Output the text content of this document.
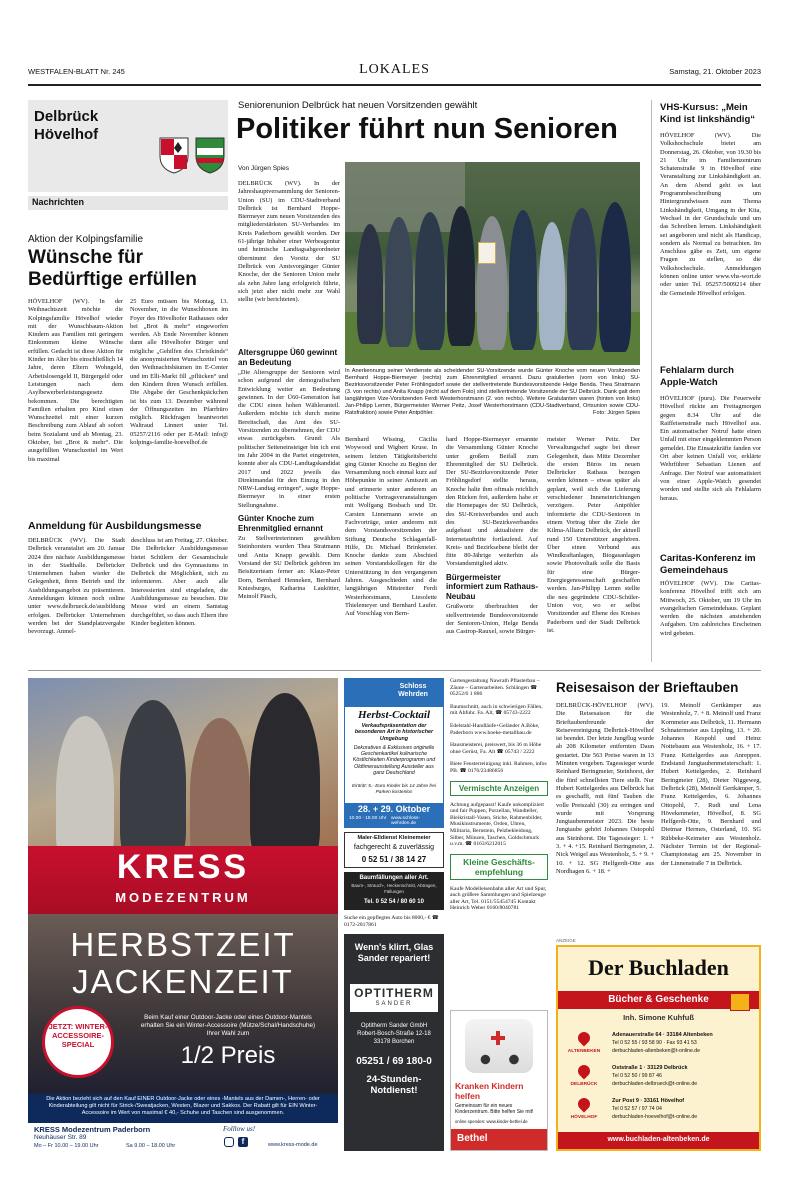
WESTFALEN-BLATT Nr. 245	LOKALES	Samstag, 21. Oktober 2023
Delbrück
Hövelhof
Nachrichten
Aktion der Kolpingsfamilie
Wünsche für Bedürftige erfüllen
HÖVELHOF (WV). In der Weihnachtszeit möchte die Kolpingsfamilie Hövelhof wieder mit der Wunschbaum-Aktion Kindern aus Familien mit geringem Einkommen kleine Wünsche erfüllen. Gedacht ist diese Aktion für Kinder im Alter bis einschließlich 14 Jahre, deren Eltern Wohngeld, Arbeitslosengeld II, Bürgergeld oder Leistungen nach dem Asylbewerberleistungsgesetz bekommen. Die berechtigten Familien erhalten pro Kind einen Wunschzettel mit einer kurzen Beschreibung zum Ablauf ab sofort beim Sozialamt und ab Montag, 23. Oktober, bei „Brot & mehr“. Die ausgefüllten Wunschzettel im Wert bis maximal
25 Euro müssen bis Montag, 13. November, in die Wunschboxen im Foyer des Hövelhofer Rathauses oder bei „Brot & mehr“ eingeworfen werden. Ab Ende November können dann alle Hövelhofer Bürger und mögliche „Gehilfen des Christkinds“ die anonymisierten Wunschzettel von den Weihnachtsbäumen im E-Center und im Elli-Markt fill „pflücken“ und den Kindern ihren Wunsch erfüllen. Die Abgabe der Geschenkpäckchen ist bis zum 13. Dezember während der Öffnungszeiten im Pfarrbüro möglich. Rückfragen beantwortet Waltraud Linnert unter Tel. 05257/2116 oder per E-Mail: info@ kolpings-familie-hoevelhof.de
Anmeldung für Ausbildungsmesse
DELBRÜCK (WV). Die Stadt Delbrück veranstaltet am 20. Januar 2024 ihre nächste Ausbildungsmesse in der Stadthalle. Delbrücker Unternehmen haben wieder die Gelegenheit, ihren Betrieb und ihr Ausbildungsangebot zu präsentieren. Anmeldungen können noch online unter www.delbrueck.de/ausbildung erfolgen. Delbrücker Unternehmen werden bei der Standplatzvergabe bevorzugt. Anmel-
deschluss ist am Freitag, 27. Oktober. Die Delbrücker Ausbildungsmesse bietet Schülern der Gesamtschule Delbrück und des Gymnasiums in Delbrück die Möglichkeit, sich zu informieren. Aber auch alle Interessierten sind eingeladen, die Ausbildungsmesse zu besuchen. Die Messe wird an einem Samstag durchgeführt, so dass auch Eltern ihre Kinder begleiten können.
Seniorenunion Delbrück hat neuen Vorsitzenden gewählt
Politiker führt nun Senioren
Von Jürgen Spies
DELBRÜCK (WV). In der Jahreshauptversammlung der Senioren-Union (SU) im CDU-Stadtverband Delbrück ist Bernhard Hoppe-Biermeyer zum neuen Vorsitzenden des mitgliederstärksten SU-Verbandes im Kreis Paderborn gewählt worden. Der 61-jährige Inhaber einer Werbeagentur und heimische Landtagsabgeordneter übernimmt den Vorsitz der SU Delbrück von Amtsvorgänger Günter Knoche, der die Senioren Union mehr als zehn Jahre lang erfolgreich führte, sich jetzt aber nicht mehr zur Wahl stellte (wir berichteten).
Altersgruppe Ü60 gewinnt an Bedeutung
„Die Altersgruppe der Senioren wird schon aufgrund der demografischen Entwicklung weiter an Bedeutung gewinnen. In der Ü60-Generation hat die CDU einen hohen Wähleranteil. Außerdem möchte ich durch meine Bereitschaft, das Amt des SU-Vorsitzenden zu übernehmen, der CDU etwas zurückgeben. Grund: Als politischer Seiteneinsteiger bin ich erst im Jahr 2004 in die Partei eingetreten, konnte aber als CDU-Landtagskandidat 2017 und 2022 jeweils das Direktmandat für den Einzug in den NRW-Landtag erringen“, sagte Hoppe-Biermeyer in einer ersten Stellungnahme.
Günter Knoche zum Ehrenmitglied ernannt
Zu Stellvertreterinnen gewählten Steinhorsters wurden Thea Stratmann und Anita Knapp gewählt. Dem Vorstand der SU Delbrück gehören im Beisitzerteam ferner an: Klaus-Peter Dorn, Bernhard Henneken, Bernhard Kniesburges, Katharina Laukötter, Meinolf Päsch,
In Anerkennung seiner Verdienste als scheidender SU-Vorsitzende wurde Günter Knoche vom neuen Vorsitzenden Bernhard Hoppe-Biermeyer (rechts) zum Ehrenmitglied ernannt. Dazu gratulierten (vorn von links) SU-Bezirksvorsitzender Peter Fröhlingsdorf sowie der stellvertretende Bundesvorsitzende Helge Benda. Thea Stratmann (3. von rechts) und Anita Knapp (nicht auf dem Foto) sind stellvertretende Vorsitzende der SU Delbrück. Dank galt dem langjährigen Vize-Vorsitzenden Ferdi Westerhorstmann (2. von rechts). Weitere Gratulanten waren (hinten von links) Jan-Philipp Lemm, Bürgermeister Werner Peitz, Josef Westerhorstmann (CDU-Stadtverband, Ortsunion sowie CDU-Ratsfraktion) sowie Peter Antpöhler.	Foto: Jürgen Spies
Bernhard Wissing, Cäcilia Woywood und Wigbert Kruse. In seinem letzten Tätigkeitsbericht ging Günter Knoche zu Beginn der Versammlung noch einmal kurz auf Höhepunkte in seiner Amtszeit an und erinnerte unter anderem an politische Vortragsveranstaltungen mit Wolfgang Bosbach und Dr. Carsten Linnemann sowie an Fachvorträge, unter anderem mit dem Vorstandsvorsitzenden der Stiftung Deutsche Schlaganfall-Hilfe, Dr. Michael Brinkmeier. Knoche dankte zum Abschied seinen Vorstandskollegen für die Unterstützung in den vergangenen Jahren. Ausgeschieden sind die langjährigen Mitstreiter Ferdi Westerhorstmann, Liesolette Thielemeyer und Bernhard Laufer. Auf Vorschlag von Bern-
hard Hoppe-Biermeyer ernannte die Versammlung Günter Knoche unter großem Beifall zum Ehrenmitglied der SU Delbrück. Der SU-Bezirksvorsitzende Peter Fröhlingsdorf stellte heraus, Knoche halte ihm oftmals reichlich den Rücken frei, außerdem habe er die Homepages der SU Delbrück, des SU-Kreisverbandes und auch des SU-Bezirksverbandes aufgebaut und aktualisiere die Internetauftritte fortlaufend. Auf Kreis- und Bezirksebene bleibt der fitte 80-Jährige weiterhin als Vorstandsmitglied aktiv.
Bürgermeister informiert zum Rathaus-Neubau
Grußworte überbrachten der stellvertretende Bundesvorsitzende der Senioren-Union, Helge Benda aus Castrop-Rauxel, sowie Bürger-
meister Werner Peitz. Der Verwaltungschef sagte bei dieser Gelegenheit, dass Mitte Dezember die ersten Büros im neuen Delbrücker Rathaus bezogen werden können – etwas später als geplant, weil sich die Lieferung verschiedener Inneneinrichtungen verzögere. Peter Antpöhler informierte die CDU-Senioren in einem Vortrag über die Ziele der Kilma-Allianz Delbrück, der aktuell rund 150 Unterstützer angehören. Über einen Verbund aus Windkraftanlagen, Biogasanlagen sowie Photovoltaik solle die Basis für eine Bürger-Energiegenossenschaft geschaffen werden. Jan-Philipp Lemm stellte die neu gegründete CDU-Schüler-Union vor, wo er selbst Vorsitzender auf Ebene des Kreises Paderborn und der Stadt Delbrück ist.
VHS-Kursus: „Mein Kind ist linkshändig“
HÖVELHOF (WV). Die Volkshochschule bietet am Donnerstag, 26. Oktober, von 19.30 bis 21 Uhr im Familienzentrum Schatenstraße 9 in Hövelhof eine Veranstaltung zur Linkshändigkeit an. An dem Abend geht es laut Programmbeschreibung um Hintergrundwissen zum Thema Linkshändigkeit, Umgang in der Kita, Wechsel in der Grundschule und um das Schreiben lernen. Linkshändigkeit sei angeboren und nicht als Handicap, sondern als Normal zu betrachten. Im Anschluss gäbe es Zeit, um eigene Fragen zu stellen, so die Volkshochschule. Anmeldungen können online unter www.vhs-wort.de oder unter Tel. 05257/5009214 über die Gemeinde Hövelhof erfolgen.
Fehlalarm durch Apple-Watch
HÖVELHOF (puru). Die Feuerwehr Hövelhof rückte am Freitagmorgen gegen 8.34 Uhr auf die Raiffeisenstraße nach Hövelhof aus. Ein automatischer Notruf hatte einen Unfall mit einer eingeklemmten Person gemeldet. Die Einsatzkräfte fanden vor Ort aber keinen Unfall vor, erklärte Wehrführer Sebastian Lienen auf Anfrage. Der Notruf war automatisiert von einer Apple-Watch gesendet worden und stellte sich als Fehlalarm heraus.
Caritas-Konferenz im Gemeindehaus
HÖVELHOF (WV). Die Caritas-konferenz Hövelhof trifft sich am Mittwoch, 25. Oktober, um 19 Uhr im evangelischen Gemeindehaus. Geplant werden die nächsten anstehenden Aufgaben. Um zahlreiches Erscheinen wird gebeten.
KRESS
MODEZENTRUM
HERBSTZEIT
JACKENZEIT
JETZT: WINTER-ACCESSOIRE-SPECIAL
Beim Kauf einer Outdoor-Jacke oder eines Outdoor-Mantels erhalten Sie ein Winter-Accessoire (Mütze/Schal/Handschuhe) Ihrer Wahl zum
1/2 Preis
Die Aktion bezieht sich auf den Kauf EINER Outdoor-Jacke oder eines -Mantels aus der Damen-, Herren- oder Kinderabteilung gilt nicht für Strick-/Sweatjacken, Westen, Blazer und Sakkos. Der Rabatt gilt für EIN Winter-Accessoire im Wert von maximal € 40,- Schuhe und Taschen sind ausgenommen.
KRESS Modezentrum Paderborn
Neuhäuser Str. 89
Mo – Fr 10.00 – 19.00 Uhr	Sa 9.00 – 18.00 Uhr
Folllow us!
f	www.kress-mode.de
Schloss Wehrden
Herbst-Cocktail
Verkaufspräsentation der besonderen Art in historischer Umgebung
Dekoratives & Exklusives originelle Geschenkartikel kulinarische Köstlichkeiten Kinderprogramm und Oldtimerausstellung Aussteller aus ganz Deutschland
Eintritt: 5,- Euro Kinder bis 14 Jahre frei Parken kostenlos
28. + 29. Oktober
10.00 - 18.00 Uhr www.schloss-wehrden.de
Maler-Elldienst Kleinemeier
fachgerecht & zuverlässig
0 52 51 / 38 14 27
Baumfällungen aller Art.
Baum-, Strauch-, Heckenschnitt, Abtragen, Fällungen
Tel. 0 52 54 / 80 60 10
Suche ein gepflegtes Auto bis 8000,- € ☎ 0172-2817861
Wenn's klirrt, Glas Sander repariert!
OPTITHERM
SANDER
Optitherm Sander GmbH Robert-Bosch-Straße 12-18 33178 Borchen
05251 / 69 180-0
24-Stunden-Notdienst!
Gartengestaltung Nawrath Pflasterbau – Zäune – Gartenarbeiten. Schlängen ☎ 05252/6 1 886
Baumschnitt, auch in schwierigen Fällen, mit Abfuhr. Fa. Alt, ☎ 05743-2222
Edelstahl-Handläufe+Geländer A.Böke, Paderborn www.boeke-metallbau.de
Hausmeisterei, preiswert, bis 36 m Höhe ohne Gerüst, Fa. Alt ☎ 05743 / 2222
Biete Fensterreinigung inkl. Rahmen, infos PB. ☎ 0176/23486856
Vermischte Anzeigen
Achtung aufgepasst! Kaufe unkompliziert und fair Puppen, Porzellan, Wandteller, Bleikristall-Vasen, Stiche, Rahmenbilder, Musikinstrumente, Orden, Uhren, Militaria, Bernstein, Pelzbekleidung, Silber, Münzen, Taschen, Goldschmuck u.v.m. ☎ 0163/6212015
Kleine Geschäfts-empfehlung
Kaufe Modelleisenbahn aller Art und Spur, auch größere Sammlungen und Spielzeuge aller Art, Tel. 0151/55454745 Kontakt Heinrich Weber 0160/8040781
Kranken Kindern helfen
Gemeinsam für ein neues Kinderzentrum. Bitte helfen Sie mit!
online spenden: www.kinder-bethel.de
Bethel
Reisesaison der Brieftauben
DELBRÜCK-HÖVELHOF (WV). Die Reisesaison für die Brieftaubenfreunde der Reisevereinigung Delbrück-Hövelhof ist beendet. Der letzte Jungflug wurde ab 208 Kilometer entfernten Daun gestartet. Die 563 Preise waren in 13 Minuten vergeben. Tagessieger wurde Reinhard Beringmeier, Steinhorst, der die fünf schnellsten Tiere stellt. Nur Hubert Kettelgerdes aus Delbrück hat es geschafft, mit fünf Tauben die volle Preiszahl (30) zu erringen und wurde mit Vorsprung Jungtaubenmeister 2023. Die beste Jungtaube gehört Johannes Ostopohl aus Steinhorst. Die Tagessieger: 1. + 3. + 4. +15. Reinhard Beringmeier, 2. Nick Weigel aus Westenholz, 5. + 9. + 10. + 12. SG Helfgerdt-Otte aus Nordhagen 6. + 18. +
19. Meinolf Gertkämper aus Westenholz, 7. + 8. Meinolf und Franz Kornmeier aus Delbrück, 11. Hermann Schnatermeier aus Lippling, 13. + 20. Johannes Kespohl und Heinz Nottebaum aus Westenholz, 16. + 17. Franz Kettelgerdes aus Anreppen. Endstand Jungtaubenmeisterschaft: 1. Hubert Kettelgerdes, 2. Reinhard Beringmeier (28), Dieter Niggeweg, Delbrück (28), Meinolf Gertkämper, 5. Franz Kettelgerdes, 6. Johannes Ottopohl, 7. Rudi und Lena Hövekenmeier, Hövelhof, 8. SG Helfgerdt-Otte, 9. Bernhard und Dietmar Hermes, Osterland, 10. SG Rübbeke-Keimeier aus Westenholz. Nächster Termin ist der Regional-Championstag am 25. November in der Linnenstraße 7 in Delbrück.
ANZEIGE
Der Buchladen
Bücher & Geschenke
Inh. Simone Kuhfuß
ALTENBEKEN
Adenauerstraße 64 · 33184 Altenbeken
Tel 0 52 55 / 93 58 90 · Fax 93 41 53
derbuchladen-altenbeken@t-online.de
DELBRÜCK
Oststraße 1 · 33129 Delbrück
Tel 0 52 50 / 99 87 46
derbuchladen-delbrueck@t-online.de
HÖVELHOF
Zur Post 9 · 33161 Hövelhof
Tel 0 52 57 / 97 74 04
derbuchladen-hoevelhof@t-online.de
www.buchladen-altenbeken.de
